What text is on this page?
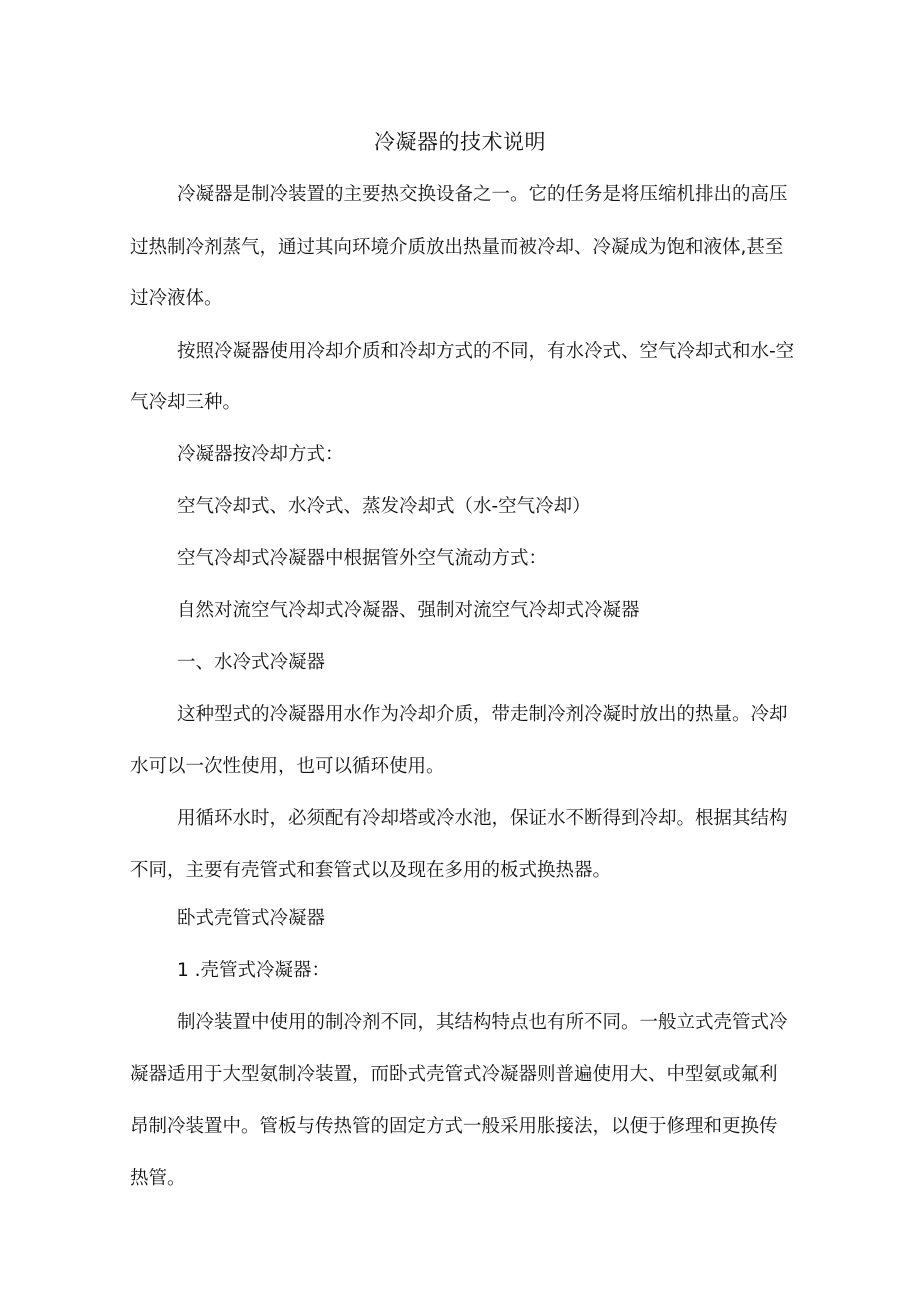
冷凝器的技术说明
冷凝器是制冷装置的主要热交换设备之一。它的任务是将压缩机排出的高压
过热制冷剂蒸气，通过其向环境介质放出热量而被冷却、冷凝成为饱和液体,甚至
过冷液体。
按照冷凝器使用冷却介质和冷却方式的不同，有水冷式、空气冷却式和水-空
气冷却三种。
冷凝器按冷却方式：
空气冷却式、水冷式、蒸发冷却式（水-空气冷却）
空气冷却式冷凝器中根据管外空气流动方式：
自然对流空气冷却式冷凝器、强制对流空气冷却式冷凝器
一、水冷式冷凝器
这种型式的冷凝器用水作为冷却介质，带走制冷剂冷凝时放出的热量。冷却
水可以一次性使用，也可以循环使用。
用循环水时，必须配有冷却塔或冷水池，保证水不断得到冷却。根据其结构
不同，主要有壳管式和套管式以及现在多用的板式换热器。
卧式壳管式冷凝器
1 .壳管式冷凝器：
制冷装置中使用的制冷剂不同，其结构特点也有所不同。一般立式壳管式冷
凝器适用于大型氨制冷装置，而卧式壳管式冷凝器则普遍使用大、中型氨或氟利
昂制冷装置中。管板与传热管的固定方式一般采用胀接法，以便于修理和更换传
热管。
